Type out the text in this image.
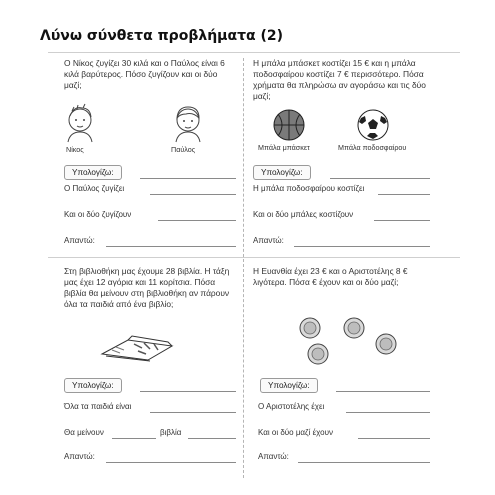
Λύνω σύνθετα προβλήματα (2)
Ο Νίκος ζυγίζει 30 κιλά και ο Παύλος είναι 6 κιλά βαρύτερος. Πόσο ζυγίζουν και οι δύο μαζί;
Νίκος	Παύλος
Υπολογίζω:
Ο Παύλος ζυγίζει
Και οι δύο ζυγίζουν
Απαντώ:
Η μπάλα μπάσκετ κοστίζει 15 € και η μπάλα ποδοσφαίρου κοστίζει 7 € περισσότερο. Πόσα χρήματα θα πληρώσω αν αγοράσω και τις δύο μαζί;
Μπάλα μπάσκετ	Μπάλα ποδοσφαίρου
Υπολογίζω:
Η μπάλα ποδοσφαίρου κοστίζει
Και οι δύο μπάλες κοστίζουν
Απαντώ:
Στη βιβλιοθήκη μας έχουμε 28 βιβλία. Η τάξη μας έχει 12 αγόρια και 11 κορίτσια. Πόσα βιβλία θα μείνουν στη βιβλιοθήκη αν πάρουν όλα τα παιδιά από ένα βιβλίο;
Υπολογίζω:
Όλα τα παιδιά είναι
Θα μείνουν	βιβλία
Απαντώ:
Η Ευανθία έχει 23 € και ο Αριστοτέλης 8 € λιγότερα. Πόσα € έχουν και οι δύο μαζί;
Υπολογίζω:
Ο Αριστοτέλης έχει
Και οι δύο μαζί έχουν
Απαντώ:
